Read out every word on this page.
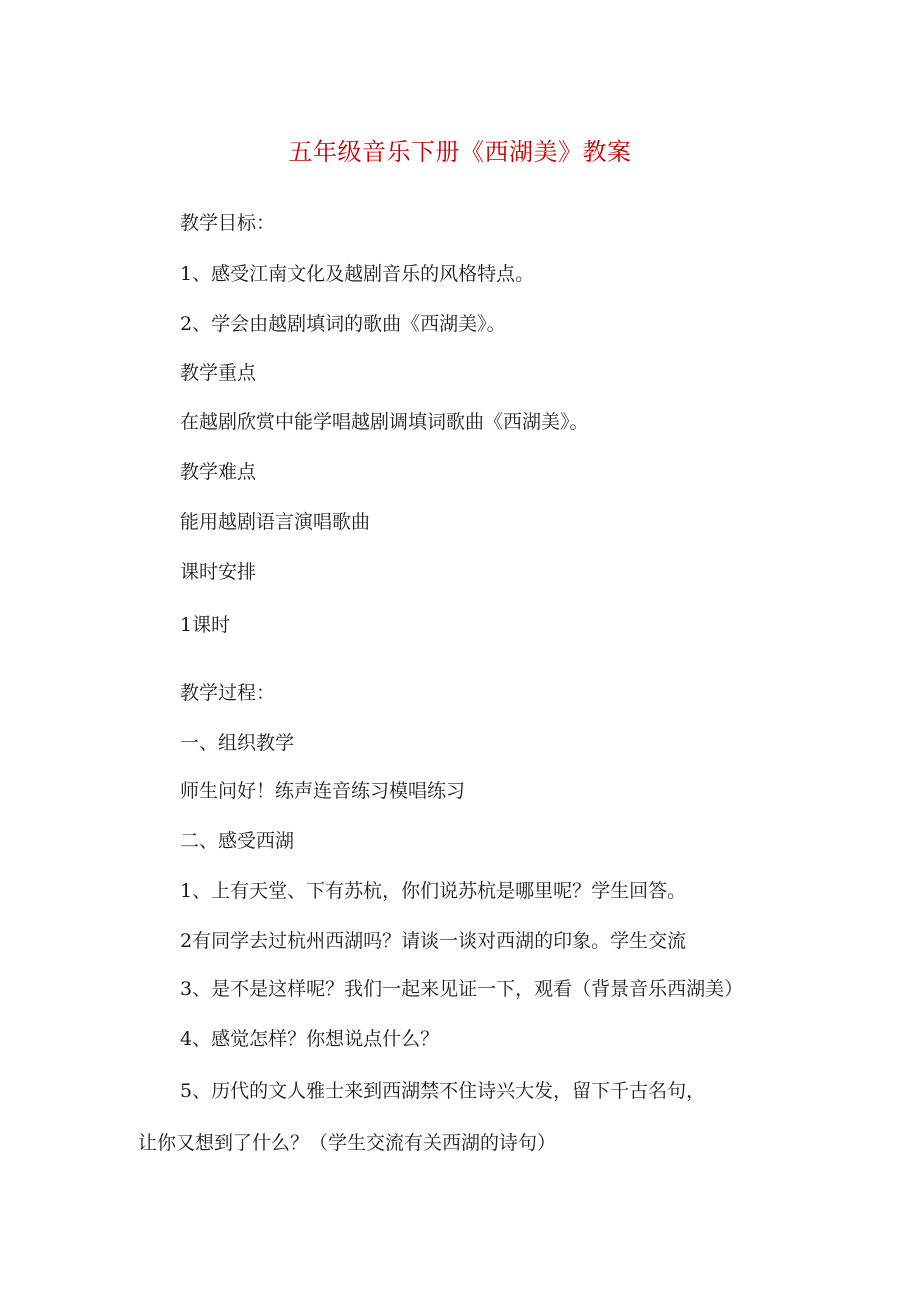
五年级音乐下册《西湖美》教案
教学目标：
1、感受江南文化及越剧音乐的风格特点。
2、学会由越剧填词的歌曲《西湖美》。
教学重点
在越剧欣赏中能学唱越剧调填词歌曲《西湖美》。
教学难点
能用越剧语言演唱歌曲
课时安排
1课时
教学过程：
一、组织教学
师生问好！练声连音练习模唱练习
二、感受西湖
1、上有天堂、下有苏杭，你们说苏杭是哪里呢？学生回答。
2有同学去过杭州西湖吗？请谈一谈对西湖的印象。学生交流
3、是不是这样呢？我们一起来见证一下，观看（背景音乐西湖美）
4、感觉怎样？你想说点什么？
5、历代的文人雅士来到西湖禁不住诗兴大发，留下千古名句，
让你又想到了什么？（学生交流有关西湖的诗句）
